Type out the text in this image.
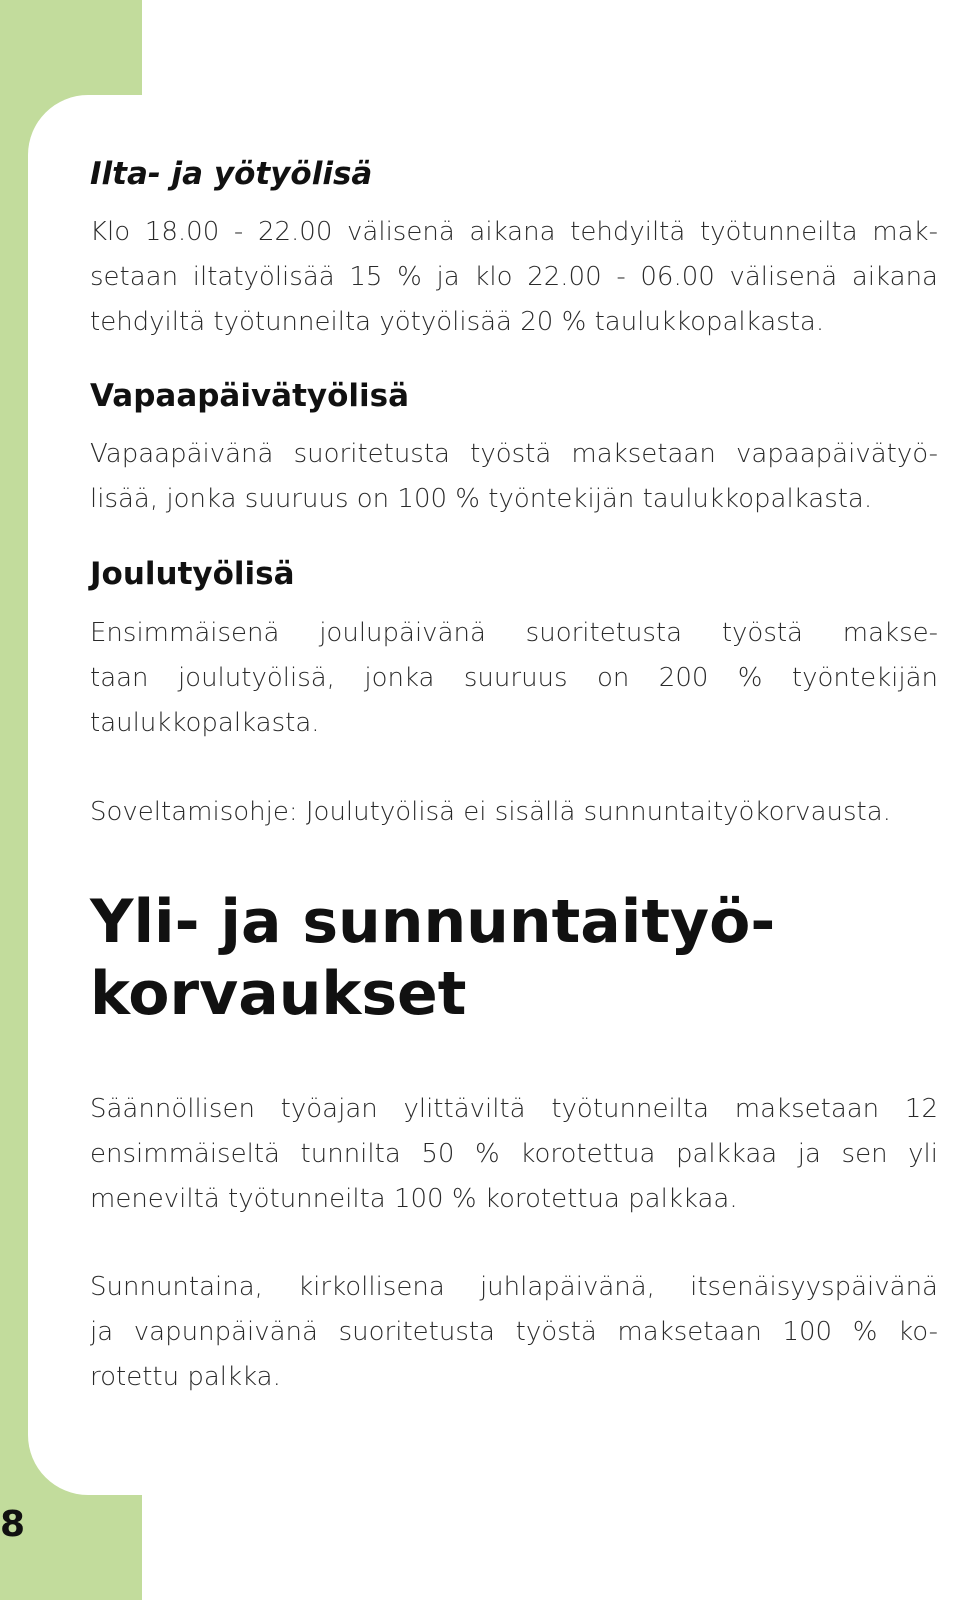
8
Ilta- ja yötyölisä
Klo 18.00 - 22.00 välisenä aikana tehdyiltä työtunneilta mak-
setaan iltatyölisää 15 % ja klo 22.00 - 06.00 välisenä aikana
tehdyiltä työtunneilta yötyölisää 20 % taulukkopalkasta.
Vapaapäivätyölisä
Vapaapäivänä suoritetusta työstä maksetaan vapaapäivätyö-
lisää, jonka suuruus on 100 % työntekijän taulukkopalkasta.
Joulutyölisä
Ensimmäisenä joulupäivänä suoritetusta työstä makse-
taan joulutyölisä, jonka suuruus on 200 % työntekijän
taulukkopalkasta.
Soveltamisohje: Joulutyölisä ei sisällä sunnuntaityökorvausta.
Yli- ja sunnuntaityö-
korvaukset
Säännöllisen työajan ylittäviltä työtunneilta maksetaan 12
ensimmäiseltä tunnilta 50 % korotettua palkkaa ja sen yli
meneviltä työtunneilta 100 % korotettua palkkaa.
Sunnuntaina, kirkollisena juhlapäivänä, itsenäisyyspäivänä
ja vapunpäivänä suoritetusta työstä maksetaan 100 % ko-
rotettu palkka.
